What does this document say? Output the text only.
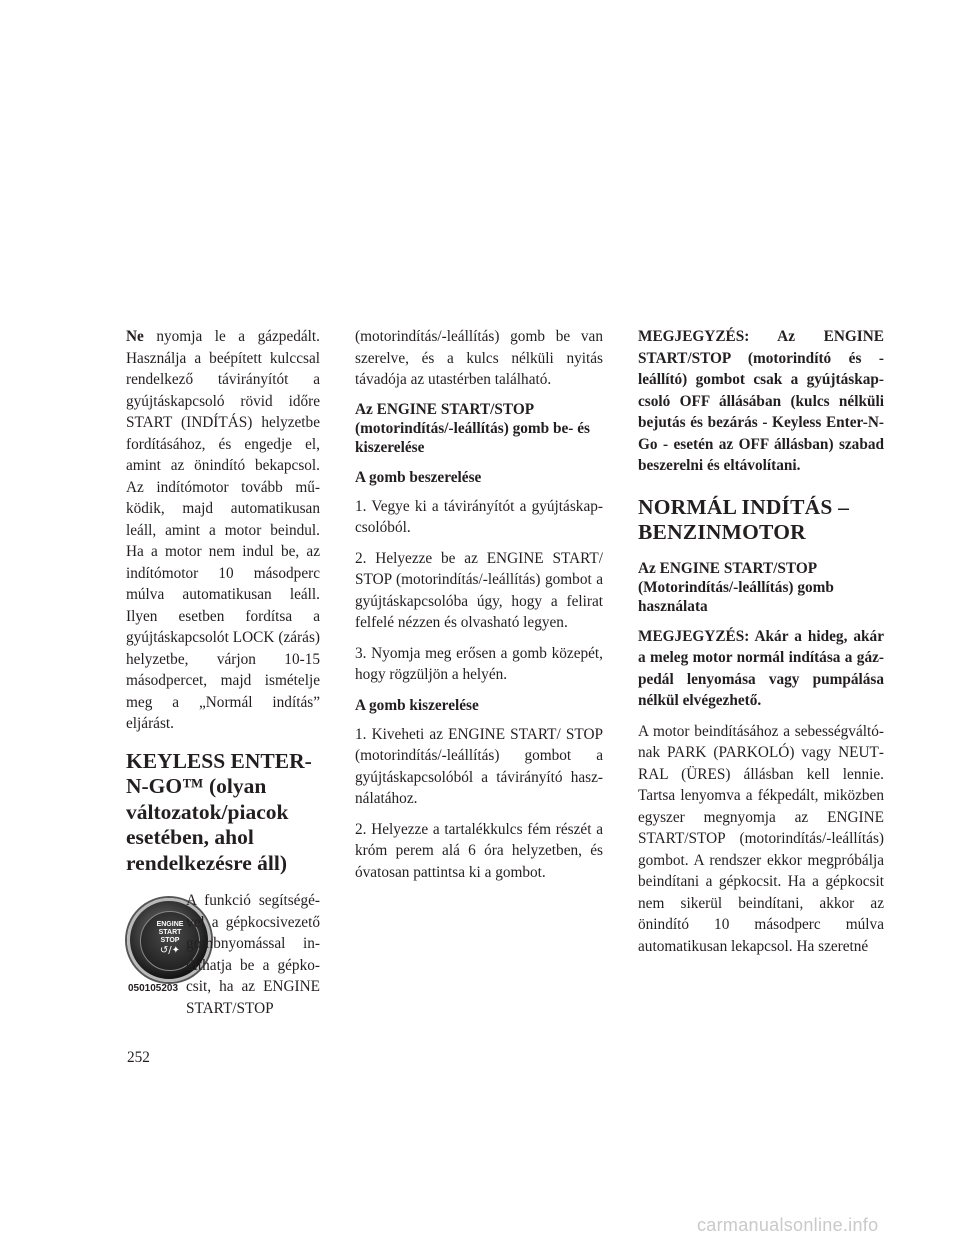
Ne nyomja le a gázpedált. Használja a beépített kulccsal rendelkező távirányítót a gyújtáskapcsoló rövid időre START (INDÍTÁS) helyzetbe fordításához, és engedje el, amint az önindító bekapcsol. Az indítómotor tovább működik, majd automatikusan leáll, amint a motor beindul. Ha a motor nem indul be, az indítómotor 10 másodperc múlva automatikusan leáll. Ilyen esetben fordítsa a gyújtáskapcsolót LOCK (zárás) helyzetbe, várjon 10-15 másodpercet, majd ismételje meg a „Normál indítás” eljárást.

KEYLESS ENTER-N-GO™ (olyan változatok/piacok esetében, ahol rendelkezésre áll)
ENGINE
START
STOP
↺/✦
050105203
A funkció segítségével a gépkocsivezető gombnyomással indíthatja be a gépkocsit, ha az ENGINE START/STOP

(motorindítás/-leállítás) gomb be van szerelve, és a kulcs nélküli nyitás távadója az utastérben található.

Az ENGINE START/STOP (motorindítás/-leállítás) gomb be- és kiszerelése
A gomb beszerelése

1. Vegye ki a távirányítót a gyújtáskapcsolóból.

2. Helyezze be az ENGINE START/ STOP (motorindítás/-leállítás) gombot a gyújtáskapcsolóba úgy, hogy a felirat felfelé nézzen és olvasható legyen.

3. Nyomja meg erősen a gomb közepét, hogy rögzüljön a helyén.

A gomb kiszerelése

1. Kiveheti az ENGINE START/ STOP (motorindítás/-leállítás) gombot a gyújtáskapcsolóból a távirányító használatához.

2. Helyezze a tartalékkulcs fém részét a króm perem alá 6 óra helyzetben, és óvatosan pattintsa ki a gombot.

MEGJEGYZÉS: Az ENGINE START/STOP (motorindító és -leállító) gombot csak a gyújtáskapcsoló OFF állásában (kulcs nélküli bejutás és bezárás - Keyless Enter-N-Go - esetén az OFF állásban) szabad beszerelni és eltávolítani.

NORMÁL INDÍTÁS –
BENZINMOTOR
Az ENGINE START/STOP (Motorindítás/-leállítás) gomb használata

MEGJEGYZÉS: Akár a hideg, akár a meleg motor normál indítása a gázpedál lenyomása vagy pumpálása nélkül elvégezhető.

A motor beindításához a sebességváltónak PARK (PARKOLÓ) vagy NEUTRAL (ÜRES) állásban kell lennie. Tartsa lenyomva a fékpedált, miközben egyszer megnyomja az ENGINE START/STOP (motorindítás/-leállítás) gombot. A rendszer ekkor megpróbálja beindítani a gépkocsit. Ha a gépkocsit nem sikerül beindítani, akkor az önindító 10 másodperc múlva automatikusan lekapcsol. Ha szeretné

252
carmanualsonline.info
